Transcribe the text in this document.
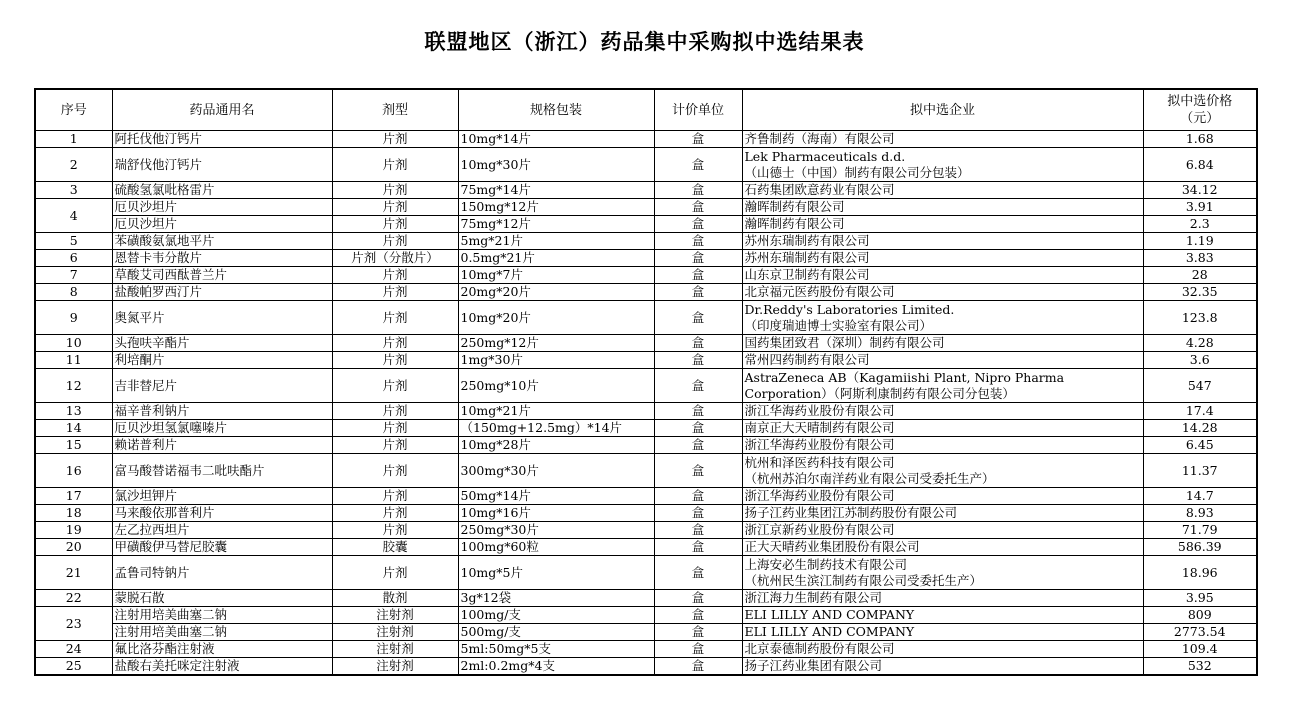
联盟地区（浙江）药品集中采购拟中选结果表
序号	药品通用名	剂型	规格包装	计价单位	拟中选企业	拟中选价格
（元）
1	阿托伐他汀钙片	片剂	10mg*14片	盒	齐鲁制药（海南）有限公司	1.68
2	瑞舒伐他汀钙片	片剂	10mg*30片	盒	Lek Pharmaceuticals d.d.
（山德士（中国）制药有限公司分包装）	6.84
3	硫酸氢氯吡格雷片	片剂	75mg*14片	盒	石药集团欧意药业有限公司	34.12
4	厄贝沙坦片	片剂	150mg*12片	盒	瀚晖制药有限公司	3.91
	厄贝沙坦片	片剂	75mg*12片	盒	瀚晖制药有限公司	2.3
5	苯磺酸氨氯地平片	片剂	5mg*21片	盒	苏州东瑞制药有限公司	1.19
6	恩替卡韦分散片	片剂（分散片）	0.5mg*21片	盒	苏州东瑞制药有限公司	3.83
7	草酸艾司西酞普兰片	片剂	10mg*7片	盒	山东京卫制药有限公司	28
8	盐酸帕罗西汀片	片剂	20mg*20片	盒	北京福元医药股份有限公司	32.35
9	奥氮平片	片剂	10mg*20片	盒	Dr.Reddy's Laboratories Limited.
（印度瑞迪博士实验室有限公司）	123.8
10	头孢呋辛酯片	片剂	250mg*12片	盒	国药集团致君（深圳）制药有限公司	4.28
11	利培酮片	片剂	1mg*30片	盒	常州四药制药有限公司	3.6
12	吉非替尼片	片剂	250mg*10片	盒	AstraZeneca AB（Kagamiishi Plant, Nipro Pharma
Corporation）（阿斯利康制药有限公司分包装）	547
13	福辛普利钠片	片剂	10mg*21片	盒	浙江华海药业股份有限公司	17.4
14	厄贝沙坦氢氯噻嗪片	片剂	（150mg+12.5mg）*14片	盒	南京正大天晴制药有限公司	14.28
15	赖诺普利片	片剂	10mg*28片	盒	浙江华海药业股份有限公司	6.45
16	富马酸替诺福韦二吡呋酯片	片剂	300mg*30片	盒	杭州和泽医药科技有限公司
（杭州苏泊尔南洋药业有限公司受委托生产）	11.37
17	氯沙坦钾片	片剂	50mg*14片	盒	浙江华海药业股份有限公司	14.7
18	马来酸依那普利片	片剂	10mg*16片	盒	扬子江药业集团江苏制药股份有限公司	8.93
19	左乙拉西坦片	片剂	250mg*30片	盒	浙江京新药业股份有限公司	71.79
20	甲磺酸伊马替尼胶囊	胶囊	100mg*60粒	盒	正大天晴药业集团股份有限公司	586.39
21	孟鲁司特钠片	片剂	10mg*5片	盒	上海安必生制药技术有限公司
（杭州民生滨江制药有限公司受委托生产）	18.96
22	蒙脱石散	散剂	3g*12袋	盒	浙江海力生制药有限公司	3.95
23	注射用培美曲塞二钠	注射剂	100mg/支	盒	ELI LILLY AND COMPANY	809
	注射用培美曲塞二钠	注射剂	500mg/支	盒	ELI LILLY AND COMPANY	2773.54
24	氟比洛芬酯注射液	注射剂	5ml:50mg*5支	盒	北京泰德制药股份有限公司	109.4
25	盐酸右美托咪定注射液	注射剂	2ml:0.2mg*4支	盒	扬子江药业集团有限公司	532
